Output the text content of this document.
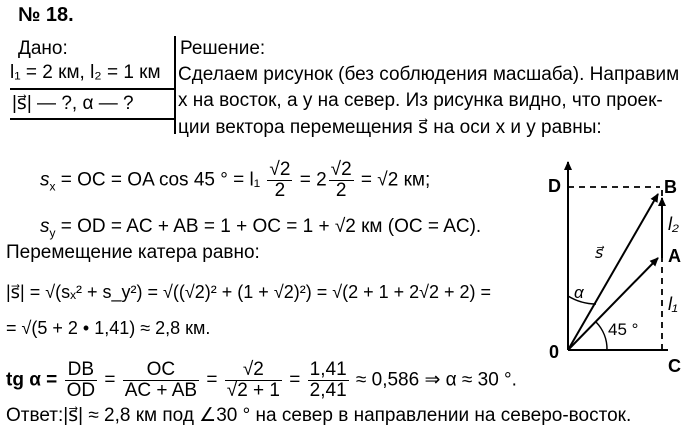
№ 18.
Дано:
l₁ = 2 км, l₂ = 1 км
|s⃗| — ?, α — ?
Решение:
Сделаем рисунок (без соблюдения масшаба). Направим
x на восток, а y на север. Из рисунка видно, что проек-
ции вектора перемещения s⃗ на оси x и y равны:
$s_x$ = OC = OA cos 45 ° = $l_1 \frac{√2}{2} = 2 \frac{√2}{2} = √2$ км;
$s_y$ = OD = AC + AB = 1 + OC = 1 + √2 км (OC = AC).
Перемещение катера равно:
|s⃗| = √(sₓ² + s_y²) = √((√2)² + (1 + √2)²) = √(2 + 1 + 2√2 + 2) =
= √(5 + 2 • 1,41) ≈ 2,8 км.
tg $\alpha = \frac{DB}{OD} = \frac{OC}{AC + AB} = \frac{√2}{√2 + 1} = \frac{1,41}{2,41} \approx 0,586$ ⇒ α ≈ 30 °.
Ответ:|s⃗| ≈ 2,8 км под ∠30 ° на север в направлении на северо-восток.
D	B
A
C
0
l₂
l₁
s⃗
α
45 °
